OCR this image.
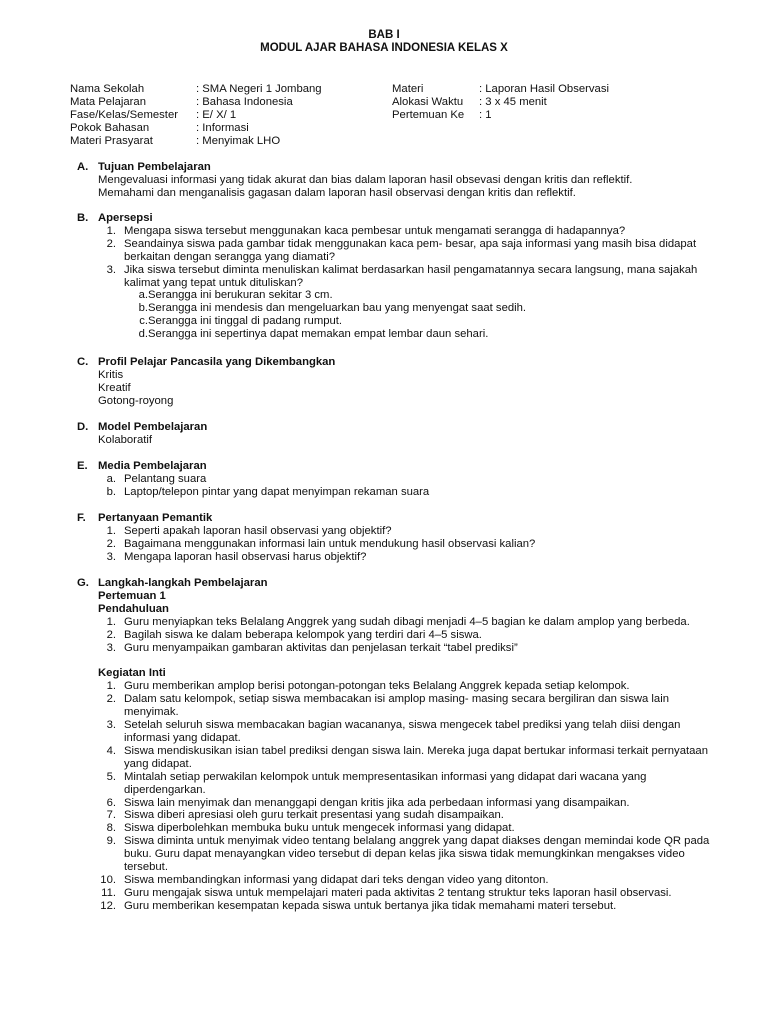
BAB I
MODUL AJAR BAHASA INDONESIA KELAS X
Nama Sekolah	: SMA Negeri 1 Jombang
Mata Pelajaran	: Bahasa Indonesia
Fase/Kelas/Semester : E/ X/ 1
Pokok Bahasan	: Informasi
Materi Prasyarat	: Menyimak LHO
Materi	: Laporan Hasil Observasi
Alokasi Waktu : 3 x 45 menit
Pertemuan Ke : 1
A. Tujuan Pembelajaran
Mengevaluasi informasi yang tidak akurat dan bias dalam laporan hasil obsevasi dengan kritis dan reflektif.
Memahami dan menganalisis gagasan dalam laporan hasil observasi dengan kritis dan reflektif.
B. Apersepsi
1. Mengapa siswa tersebut menggunakan kaca pembesar untuk mengamati serangga di hadapannya?
2. Seandainya siswa pada gambar tidak menggunakan kaca pem- besar, apa saja informasi yang masih bisa didapat berkaitan dengan serangga yang diamati?
3. Jika siswa tersebut diminta menuliskan kalimat berdasarkan hasil pengamatannya secara langsung, mana sajakah kalimat yang tepat untuk dituliskan?
a. Serangga ini berukuran sekitar 3 cm.
b. Serangga ini mendesis dan mengeluarkan bau yang menyengat saat sedih.
c. Serangga ini tinggal di padang rumput.
d. Serangga ini sepertinya dapat memakan empat lembar daun sehari.
C. Profil Pelajar Pancasila yang Dikembangkan
Kritis
Kreatif
Gotong-royong
D. Model Pembelajaran
Kolaboratif
E. Media Pembelajaran
a. Pelantang suara
b. Laptop/telepon pintar yang dapat menyimpan rekaman suara
F. Pertanyaan Pemantik
1. Seperti apakah laporan hasil observasi yang objektif?
2. Bagaimana menggunakan informasi lain untuk mendukung hasil observasi kalian?
3. Mengapa laporan hasil observasi harus objektif?
G. Langkah-langkah Pembelajaran
Pertemuan 1
Pendahuluan
1. Guru menyiapkan teks Belalang Anggrek yang sudah dibagi menjadi 4–5 bagian ke dalam amplop yang berbeda.
2. Bagilah siswa ke dalam beberapa kelompok yang terdiri dari 4–5 siswa.
3. Guru menyampaikan gambaran aktivitas dan penjelasan terkait “tabel prediksi”
Kegiatan Inti
1. Guru memberikan amplop berisi potongan-potongan teks Belalang Anggrek kepada setiap kelompok.
2. Dalam satu kelompok, setiap siswa membacakan isi amplop masing- masing secara bergiliran dan siswa lain menyimak.
3. Setelah seluruh siswa membacakan bagian wacananya, siswa mengecek tabel prediksi yang telah diisi dengan informasi yang didapat.
4. Siswa mendiskusikan isian tabel prediksi dengan siswa lain. Mereka juga dapat bertukar informasi terkait pernyataan yang didapat.
5. Mintalah setiap perwakilan kelompok untuk mempresentasikan informasi yang didapat dari wacana yang diperdengarkan.
6. Siswa lain menyimak dan menanggapi dengan kritis jika ada perbedaan informasi yang disampaikan.
7. Siswa diberi apresiasi oleh guru terkait presentasi yang sudah disampaikan.
8. Siswa diperbolehkan membuka buku untuk mengecek informasi yang didapat.
9. Siswa diminta untuk menyimak video tentang belalang anggrek yang dapat diakses dengan memindai kode QR pada buku. Guru dapat menayangkan video tersebut di depan kelas jika siswa tidak memungkinkan mengakses video tersebut.
10. Siswa membandingkan informasi yang didapat dari teks dengan video yang ditonton.
11. Guru mengajak siswa untuk mempelajari materi pada aktivitas 2 tentang struktur teks laporan hasil observasi.
12. Guru memberikan kesempatan kepada siswa untuk bertanya jika tidak memahami materi tersebut.
